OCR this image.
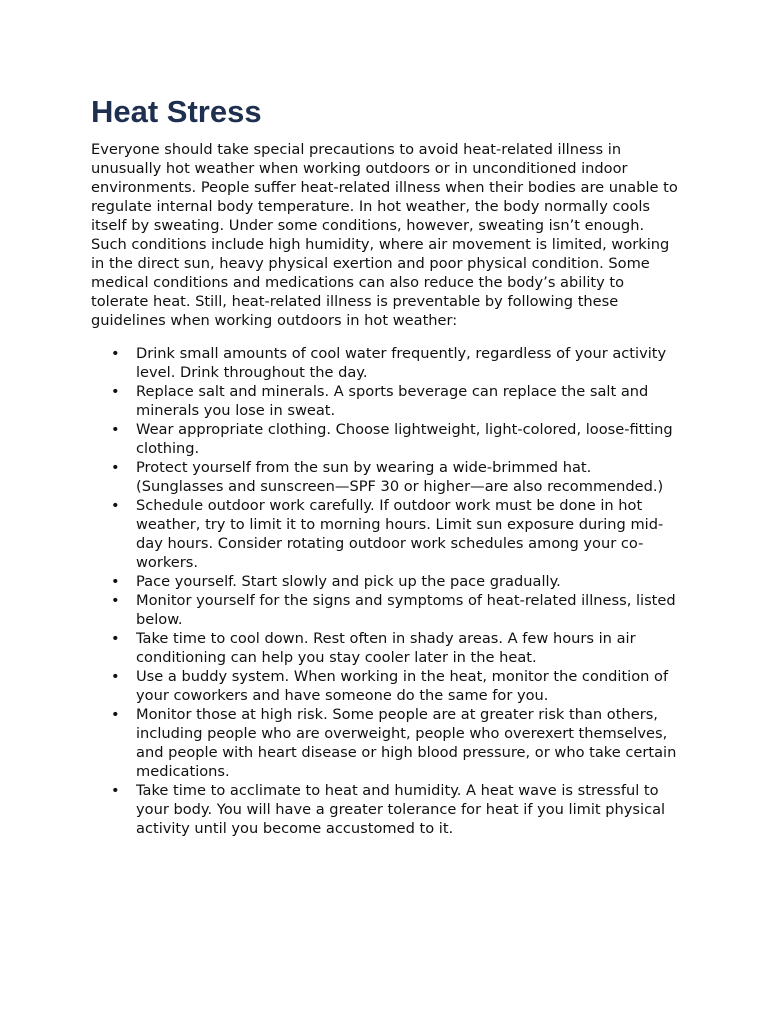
Heat Stress

Everyone should take special precautions to avoid heat-related illness in unusually hot weather when working outdoors or in unconditioned indoor environments. People suffer heat-related illness when their bodies are unable to regulate internal body temperature. In hot weather, the body normally cools itself by sweating. Under some conditions, however, sweating isn’t enough. Such conditions include high humidity, where air movement is limited, working in the direct sun, heavy physical exertion and poor physical condition. Some medical conditions and medications can also reduce the body’s ability to tolerate heat. Still, heat-related illness is preventable by following these guidelines when working outdoors in hot weather:

• Drink small amounts of cool water frequently, regardless of your activity level. Drink throughout the day.
• Replace salt and minerals. A sports beverage can replace the salt and minerals you lose in sweat.
• Wear appropriate clothing. Choose lightweight, light-colored, loose-fitting clothing.
• Protect yourself from the sun by wearing a wide-brimmed hat. (Sunglasses and sunscreen—SPF 30 or higher—are also recommended.)
• Schedule outdoor work carefully. If outdoor work must be done in hot weather, try to limit it to morning hours. Limit sun exposure during mid-day hours. Consider rotating outdoor work schedules among your co-workers.
• Pace yourself. Start slowly and pick up the pace gradually.
• Monitor yourself for the signs and symptoms of heat-related illness, listed below.
• Take time to cool down. Rest often in shady areas. A few hours in air conditioning can help you stay cooler later in the heat.
• Use a buddy system. When working in the heat, monitor the condition of your coworkers and have someone do the same for you.
• Monitor those at high risk. Some people are at greater risk than others, including people who are overweight, people who overexert themselves, and people with heart disease or high blood pressure, or who take certain medications.
• Take time to acclimate to heat and humidity. A heat wave is stressful to your body. You will have a greater tolerance for heat if you limit physical activity until you become accustomed to it.
